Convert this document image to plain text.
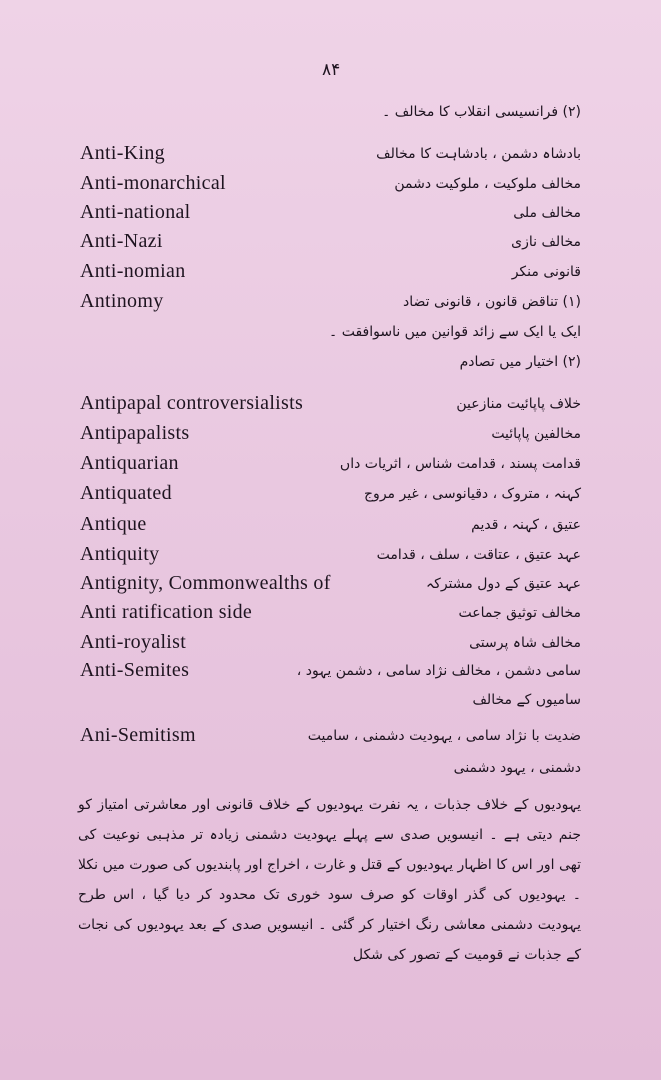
۸۴
(۲) فرانسیسی انقلاب کا مخالف ۔
Anti-King	بادشاہ دشمن ، بادشاہت کا مخالف
Anti-monarchical	مخالف ملوکیت ، ملوکیت دشمن
Anti-national	مخالف ملی
Anti-Nazi	مخالف نازی
Anti-nomian	قانونی منکر
Antinomy	(۱) تناقض قانون ، قانونی تضاد
ایک یا ایک سے زائد قوانین میں ناسوافقت ۔
(۲) اختیار میں تصادم
Antipapal controversialists	خلاف پاپائیت منازعین
Antipapalists	مخالفین پاپائیت
Antiquarian	قدامت پسند ، قدامت شناس ، اثریات داں
Antiquated	کہنہ ، متروک ، دقیانوسی ، غیر مروج
Antique	عتیق ، کہنہ ، قدیم
Antiquity	عہد عتیق ، عتاقت ، سلف ، قدامت
Antignity, Commonwealths of	عہد عتیق کے دول مشترکہ
Anti ratification side	مخالف توثیق جماعت
Anti-royalist	مخالف شاہ پرستی
Anti-Semites	سامی دشمن ، مخالف نژاد سامی ، دشمن یہود ،
سامیوں کے مخالف
Ani-Semitism	ضدیت با نژاد سامی ، یہودیت دشمنی ، سامیت
دشمنی ، یہود دشمنی
یہودیوں کے خلاف جذبات ، یہ نفرت یہودیوں کے خلاف قانونی اور معاشرتی امتیاز کو جنم دیتی ہے ۔ انیسویں صدی سے پہلے یہودیت دشمنی زیادہ تر مذہبی نوعیت کی تھی اور اس کا اظہار یہودیوں کے قتل و غارت ، اخراج اور پابندیوں کی صورت میں نکلا ۔ یہودیوں کی گذر اوقات کو صرف سود خوری تک محدود کر دیا گیا ، اس طرح یہودیت دشمنی معاشی رنگ اختیار کر گئی ۔ انیسویں صدی کے بعد یہودیوں کی نجات کے جذبات نے قومیت کے تصور کی شکل
